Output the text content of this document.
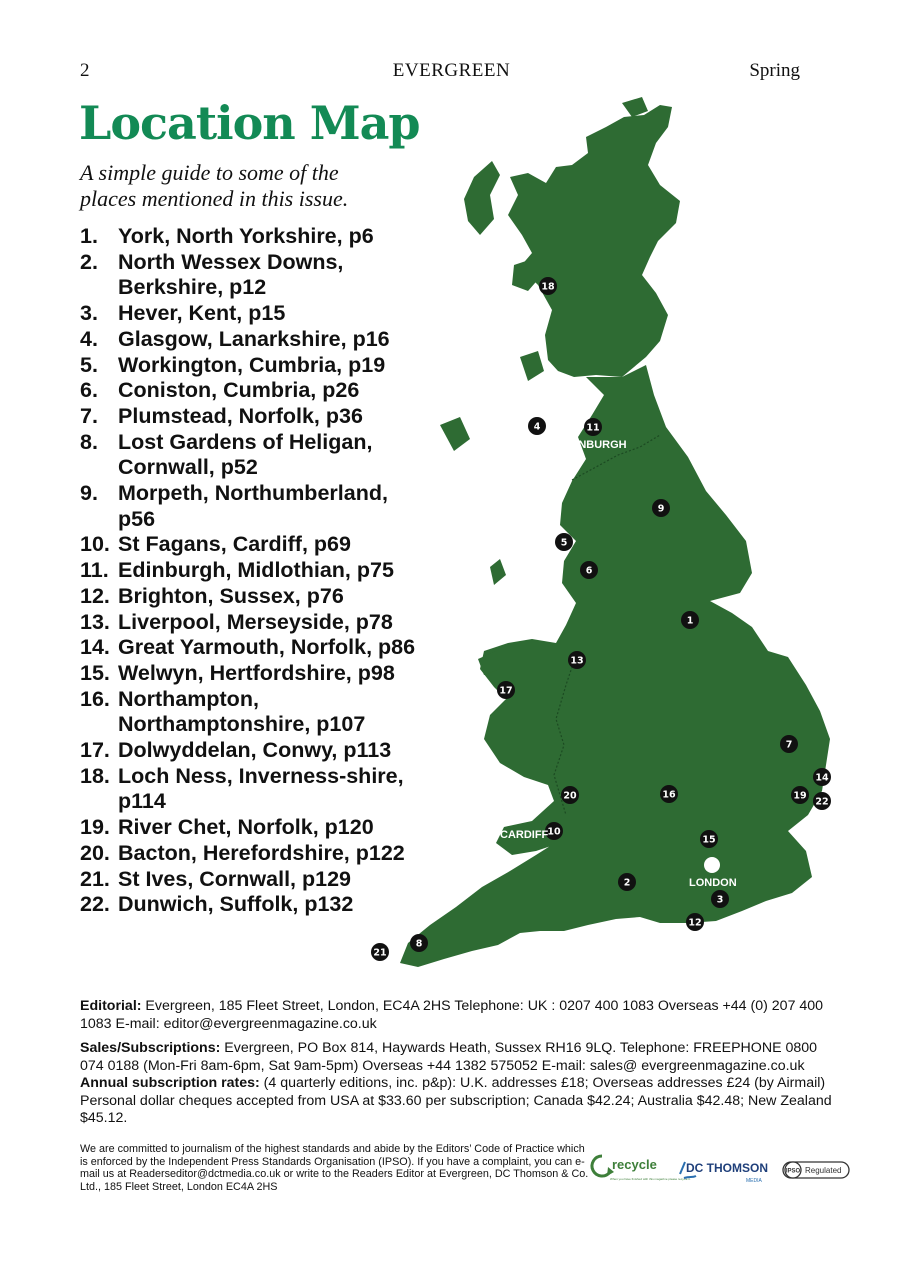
2	EVERGREEN	Spring
Location Map
A simple guide to some of the places mentioned in this issue.
1
2
3
4
5
6
7
8
9
10
11
12
13
14
15
16
17
18
19
20
21
22
EDINBURGH
CARDIFF
LONDON
1. York, North Yorkshire, p6
2. North Wessex Downs, Berkshire, p12
3. Hever, Kent, p15
4. Glasgow, Lanarkshire, p16
5. Workington, Cumbria, p19
6. Coniston, Cumbria, p26
7. Plumstead, Norfolk, p36
8. Lost Gardens of Heligan, Cornwall, p52
9. Morpeth, Northumberland, p56
10. St Fagans, Cardiff, p69
11. Edinburgh, Midlothian, p75
12. Brighton, Sussex, p76
13. Liverpool, Merseyside, p78
14. Great Yarmouth, Norfolk, p86
15. Welwyn, Hertfordshire, p98
16. Northampton, Northamptonshire, p107
17. Dolwyddelan, Conwy, p113
18. Loch Ness, Inverness-shire, p114
19. River Chet, Norfolk, p120
20. Bacton, Herefordshire, p122
21. St Ives, Cornwall, p129
22. Dunwich, Suffolk, p132
Editorial: Evergreen, 185 Fleet Street, London, EC4A 2HS Telephone: UK : 0207 400 1083 Overseas +44 (0) 207 400 1083 E-mail: editor@evergreenmagazine.co.uk
Sales/Subscriptions: Evergreen, PO Box 814, Haywards Heath, Sussex RH16 9LQ. Telephone: FREEPHONE 0800 074 0188 (Mon-Fri 8am-6pm, Sat 9am-5pm) Overseas +44 1382 575052 E-mail: sales@ evergreenmagazine.co.uk Annual subscription rates: (4 quarterly editions, inc. p&p): U.K. addresses £18; Overseas addresses £24 (by Airmail) Personal dollar cheques accepted from USA at $33.60 per subscription; Canada $42.24; Australia $42.48; New Zealand $45.12.
We are committed to journalism of the highest standards and abide by the Editors’ Code of Practice which is enforced by the Independent Press Standards Organisation (IPSO). If you have a complaint, you can e-mail us at Readerseditor@dctmedia.co.uk or write to the Readers Editor at Evergreen, DC Thomson & Co. Ltd., 185 Fleet Street, London EC4A 2HS
recycle
When you have finished with this magazine please recycle it.
DC THOMSON
MEDIA
IPSO Regulated
